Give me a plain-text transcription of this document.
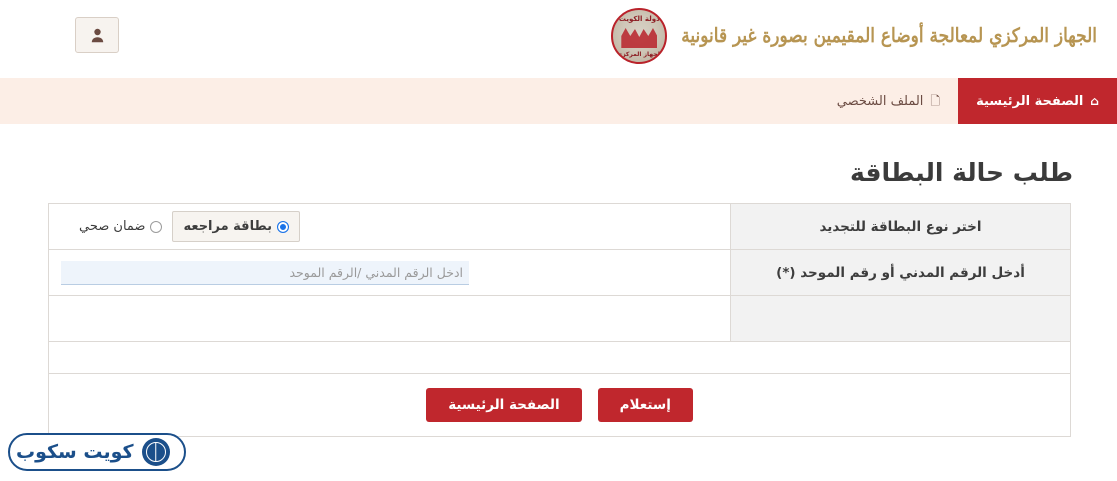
الجهاز المركزي لمعالجة أوضاع المقيمين بصورة غير قانونية
دولة الكويت
الجهاز المركزي
⌂
الصفحة الرئيسية
🗋
الملف الشخصي
طلب حالة البطاقة
اختر نوع البطاقة للتجديد
بطاقة مراجعه
ضمان صحي
أدخل الرقم المدني أو رقم الموحد (*)
ادخل الرقم المدني /الرقم الموحد
إستعلام
الصفحة الرئيسية
كويت سكوب
